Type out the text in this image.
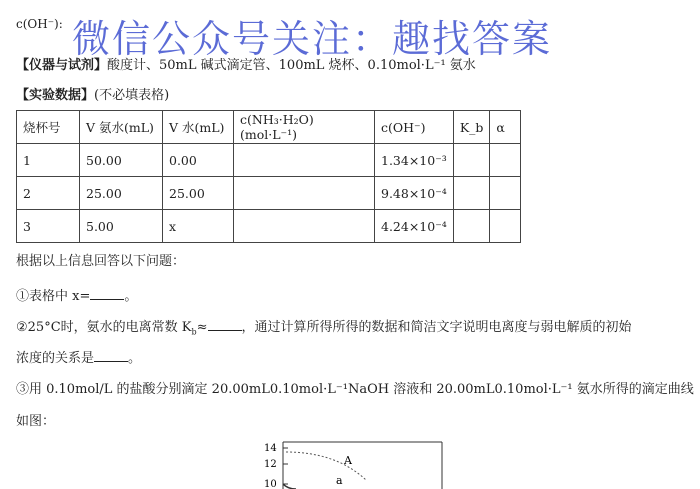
c(OH⁻): 微信公众号关注：趣找答案
【仪器与试剂】酸度计、50mL 碱式滴定管、100mL 烧杯、0.10mol·L⁻¹ 氨水
【实验数据】(不必填表格)
烧杯号	V 氨水(mL)	V 水(mL)	c(NH₃·H₂O)(mol·L⁻¹)	c(OH⁻)	K_b	α
1	50.00	0.00		1.34×10⁻³		
2	25.00	25.00		9.48×10⁻⁴		
3	5.00	x		4.24×10⁻⁴		
根据以上信息回答以下问题：
①表格中 x=	。
②25°C时，氨水的电离常数 $K_b\approx$	，通过计算所得所得的数据和简洁文字说明电离度与弱电解质的初始
浓度的关系是	。
③用 0.10mol/L 的盐酸分别滴定 20.00mL0.10mol·L⁻¹NaOH 溶液和 20.00mL0.10mol·L⁻¹ 氨水所得的滴定曲线
如图：
14
12
10
A
a
